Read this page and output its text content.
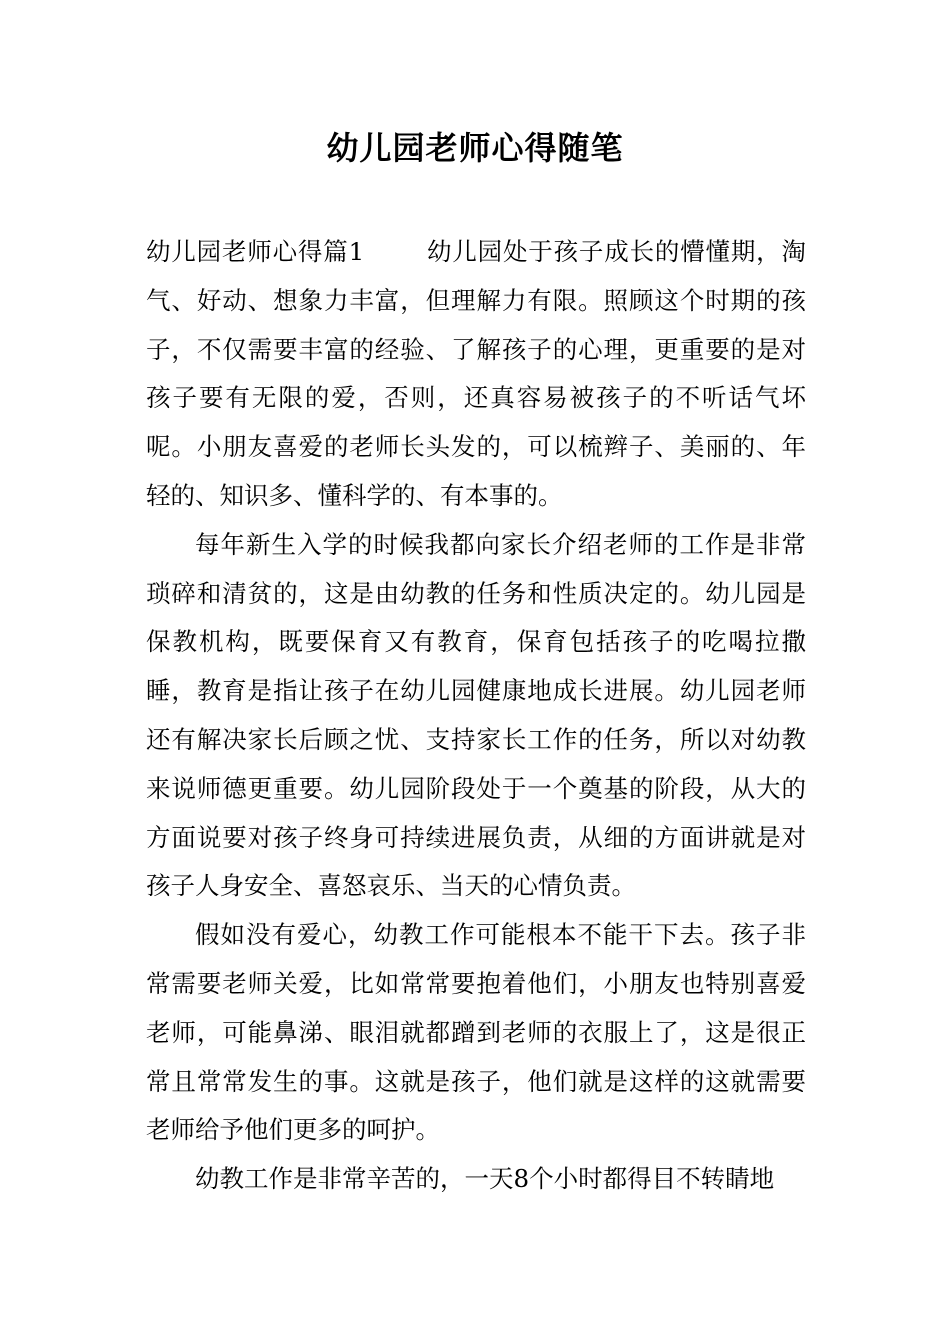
幼儿园老师心得随笔

幼儿园老师心得篇1	幼儿园处于孩子成长的懵懂期，淘气、好动、想象力丰富，但理解力有限。照顾这个时期的孩子，不仅需要丰富的经验、了解孩子的心理，更重要的是对孩子要有无限的爱，否则，还真容易被孩子的不听话气坏呢。小朋友喜爱的老师长头发的，可以梳辫子、美丽的、年轻的、知识多、懂科学的、有本事的。

每年新生入学的时候我都向家长介绍老师的工作是非常琐碎和清贫的，这是由幼教的任务和性质决定的。幼儿园是保教机构，既要保育又有教育，保育包括孩子的吃喝拉撒睡，教育是指让孩子在幼儿园健康地成长进展。幼儿园老师还有解决家长后顾之忧、支持家长工作的任务，所以对幼教来说师德更重要。幼儿园阶段处于一个奠基的阶段，从大的方面说要对孩子终身可持续进展负责，从细的方面讲就是对孩子人身安全、喜怒哀乐、当天的心情负责。

假如没有爱心，幼教工作可能根本不能干下去。孩子非常需要老师关爱，比如常常要抱着他们，小朋友也特别喜爱老师，可能鼻涕、眼泪就都蹭到老师的衣服上了，这是很正常且常常发生的事。这就是孩子，他们就是这样的这就需要老师给予他们更多的呵护。

幼教工作是非常辛苦的，一天8个小时都得目不转睛地
